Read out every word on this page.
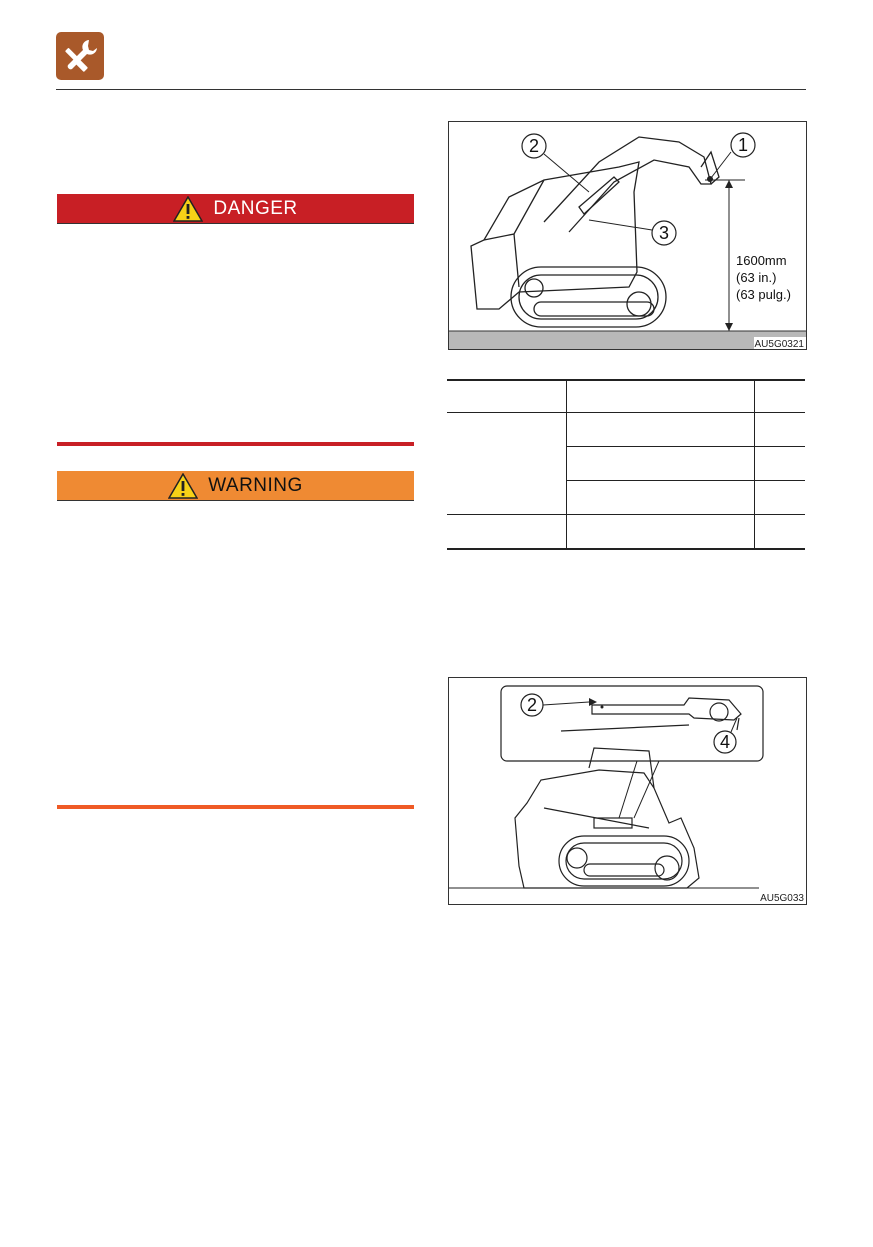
DANGER
WARNING
1
2
3
1600mm
(63 in.)
(63 pulg.)
AU5G0321
2
4
AU5G033
